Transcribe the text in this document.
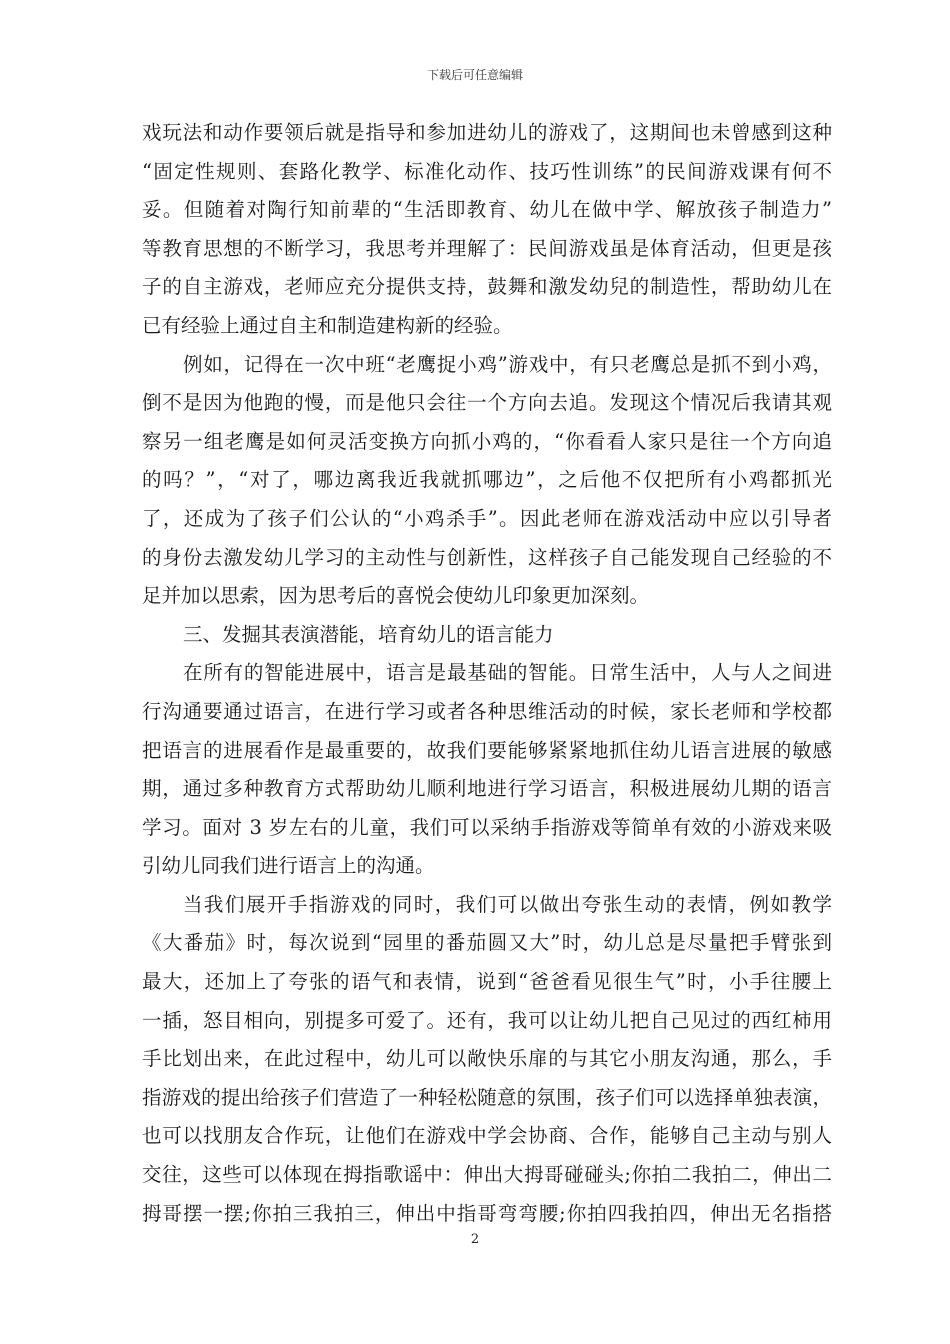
下载后可任意编辑
戏玩法和动作要领后就是指导和参加进幼儿的游戏了，这期间也未曾感到这种
“固定性规则、套路化教学、标准化动作、技巧性训练”的民间游戏课有何不
妥。但随着对陶行知前辈的“生活即教育、幼儿在做中学、解放孩子制造力”
等教育思想的不断学习，我思考并理解了：民间游戏虽是体育活动，但更是孩
子的自主游戏，老师应充分提供支持，鼓舞和激发幼兒的制造性，帮助幼儿在
已有经验上通过自主和制造建构新的经验。
例如，记得在一次中班“老鹰捉小鸡”游戏中，有只老鹰总是抓不到小鸡，
倒不是因为他跑的慢，而是他只会往一个方向去追。发现这个情况后我请其观
察另一组老鹰是如何灵活变换方向抓小鸡的，“你看看人家只是往一个方向追
的吗？”，“对了，哪边离我近我就抓哪边”，之后他不仅把所有小鸡都抓光
了，还成为了孩子们公认的“小鸡杀手”。因此老师在游戏活动中应以引导者
的身份去激发幼儿学习的主动性与创新性，这样孩子自己能发现自己经验的不
足并加以思索，因为思考后的喜悦会使幼儿印象更加深刻。
三、发掘其表演潜能，培育幼儿的语言能力
在所有的智能进展中，语言是最基础的智能。日常生活中，人与人之间进
行沟通要通过语言，在进行学习或者各种思维活动的时候，家长老师和学校都
把语言的进展看作是最重要的，故我们要能够紧紧地抓住幼儿语言进展的敏感
期，通过多种教育方式帮助幼儿顺利地进行学习语言，积极进展幼儿期的语言
学习。面对 3 岁左右的儿童，我们可以采纳手指游戏等简单有效的小游戏来吸
引幼儿同我们进行语言上的沟通。
当我们展开手指游戏的同时，我们可以做出夸张生动的表情，例如教学
《大番茄》时，每次说到“园里的番茄圆又大”时，幼儿总是尽量把手臂张到
最大，还加上了夸张的语气和表情，说到“爸爸看见很生气”时，小手往腰上
一插，怒目相向，别提多可爱了。还有，我可以让幼儿把自己见过的西红柿用
手比划出来，在此过程中，幼儿可以敞快乐扉的与其它小朋友沟通，那么，手
指游戏的提出给孩子们营造了一种轻松随意的氛围，孩子们可以选择单独表演，
也可以找朋友合作玩，让他们在游戏中学会协商、合作，能够自己主动与别人
交往，这些可以体现在拇指歌谣中：伸出大拇哥碰碰头;你拍二我拍二，伸出二
拇哥摆一摆;你拍三我拍三，伸出中指哥弯弯腰;你拍四我拍四，伸出无名指搭
2
